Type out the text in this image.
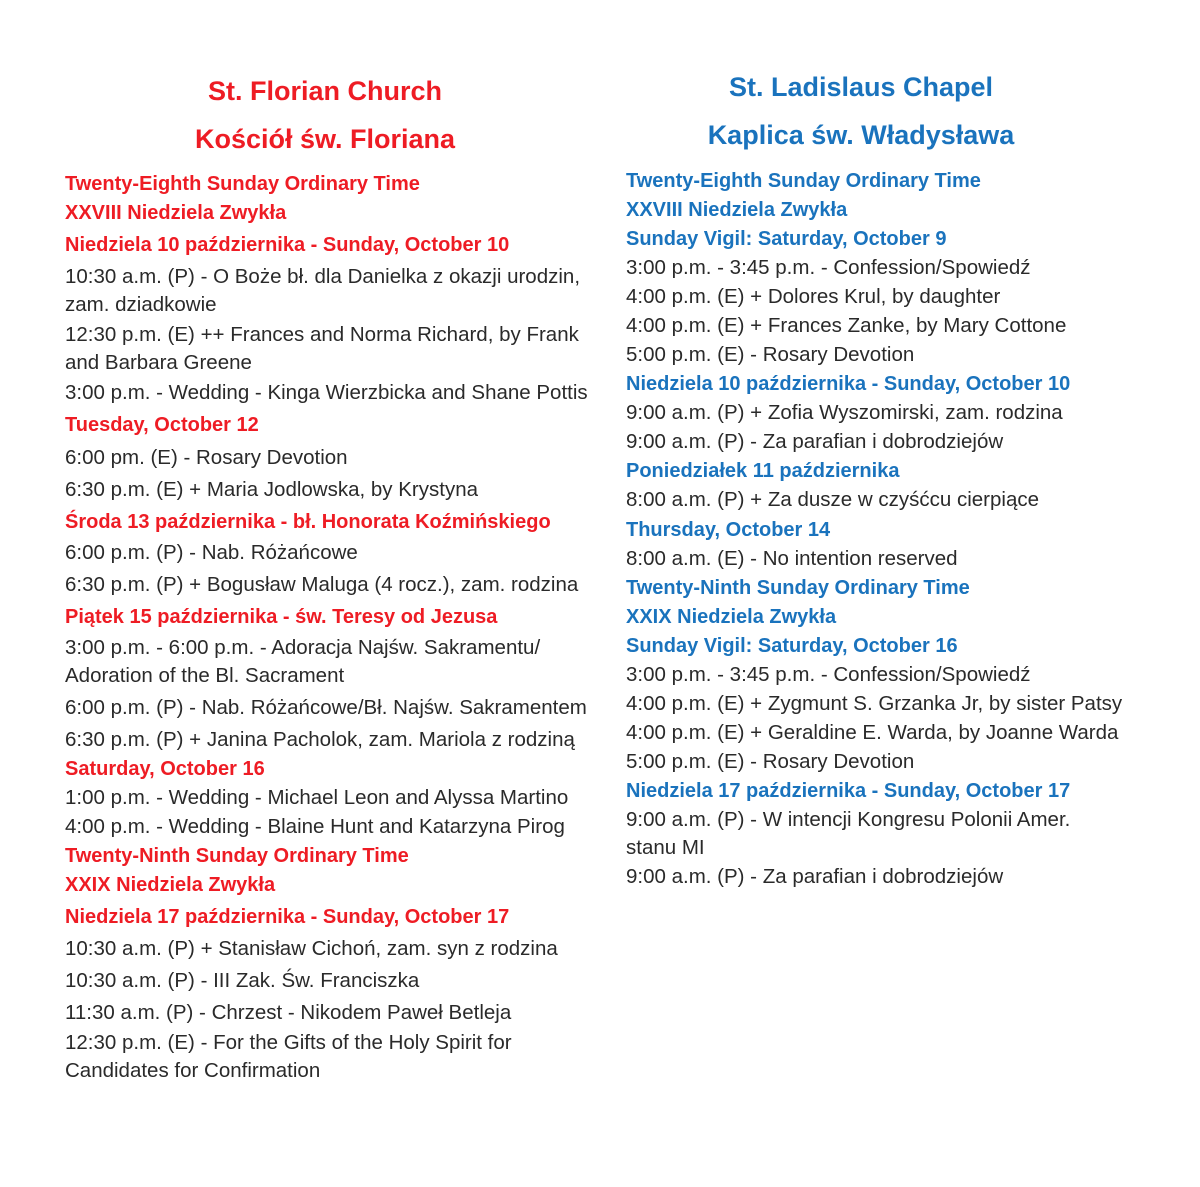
St. Florian Church
Kościół św. Floriana
Twenty-Eighth Sunday Ordinary Time
XXVIII Niedziela Zwykła
Niedziela 10 października - Sunday, October 10
10:30 a.m. (P) - O Boże bł. dla Danielka z okazji urodzin, zam. dziadkowie
12:30 p.m. (E) ++ Frances and Norma Richard, by Frank and Barbara Greene
3:00 p.m. - Wedding - Kinga Wierzbicka and Shane Pottis
Tuesday, October 12
6:00 pm. (E) - Rosary Devotion
6:30 p.m. (E) + Maria Jodlowska, by Krystyna
Środa 13 października - bł. Honorata Koźmińskiego
6:00 p.m. (P) - Nab. Różańcowe
6:30 p.m. (P) + Bogusław Maluga (4 rocz.), zam. rodzina
Piątek 15 października - św. Teresy od Jezusa
3:00 p.m. - 6:00 p.m. - Adoracja Najśw. Sakramentu/ Adoration of the Bl. Sacrament
6:00 p.m. (P) - Nab. Różańcowe/Bł. Najśw. Sakramentem
6:30 p.m. (P) + Janina Pacholok, zam. Mariola z rodziną
Saturday, October 16
1:00 p.m. - Wedding - Michael Leon and Alyssa Martino
4:00 p.m. - Wedding - Blaine Hunt and Katarzyna Pirog
Twenty-Ninth Sunday Ordinary Time
XXIX Niedziela Zwykła
Niedziela 17 października - Sunday, October 17
10:30 a.m. (P) + Stanisław Cichoń, zam. syn z rodzina
10:30 a.m. (P) - III Zak. Św. Franciszka
11:30 a.m. (P) - Chrzest - Nikodem Paweł Betleja
12:30 p.m. (E) - For the Gifts of the Holy Spirit for Candidates for Confirmation
St. Ladislaus Chapel
Kaplica św. Władysława
Twenty-Eighth Sunday Ordinary Time
XXVIII Niedziela Zwykła
Sunday Vigil: Saturday, October 9
3:00 p.m. - 3:45 p.m. - Confession/Spowiedź
4:00 p.m. (E) + Dolores Krul, by daughter
4:00 p.m. (E) + Frances Zanke, by Mary Cottone
5:00 p.m. (E) - Rosary Devotion
Niedziela 10 października - Sunday, October 10
9:00 a.m. (P) + Zofia Wyszomirski, zam. rodzina
9:00 a.m. (P) - Za parafian i dobrodziejów
Poniedziałek 11 października
8:00 a.m. (P) + Za dusze w czyśćcu cierpiące
Thursday, October 14
8:00 a.m. (E) - No intention reserved
Twenty-Ninth Sunday Ordinary Time
XXIX Niedziela Zwykła
Sunday Vigil: Saturday, October 16
3:00 p.m. - 3:45 p.m. - Confession/Spowiedź
4:00 p.m. (E) + Zygmunt S. Grzanka Jr, by sister Patsy
4:00 p.m. (E) + Geraldine E. Warda, by Joanne Warda
5:00 p.m. (E) - Rosary Devotion
Niedziela 17 października - Sunday, October 17
9:00 a.m. (P) - W intencji Kongresu Polonii Amer. stanu MI
9:00 a.m. (P) - Za parafian i dobrodziejów
